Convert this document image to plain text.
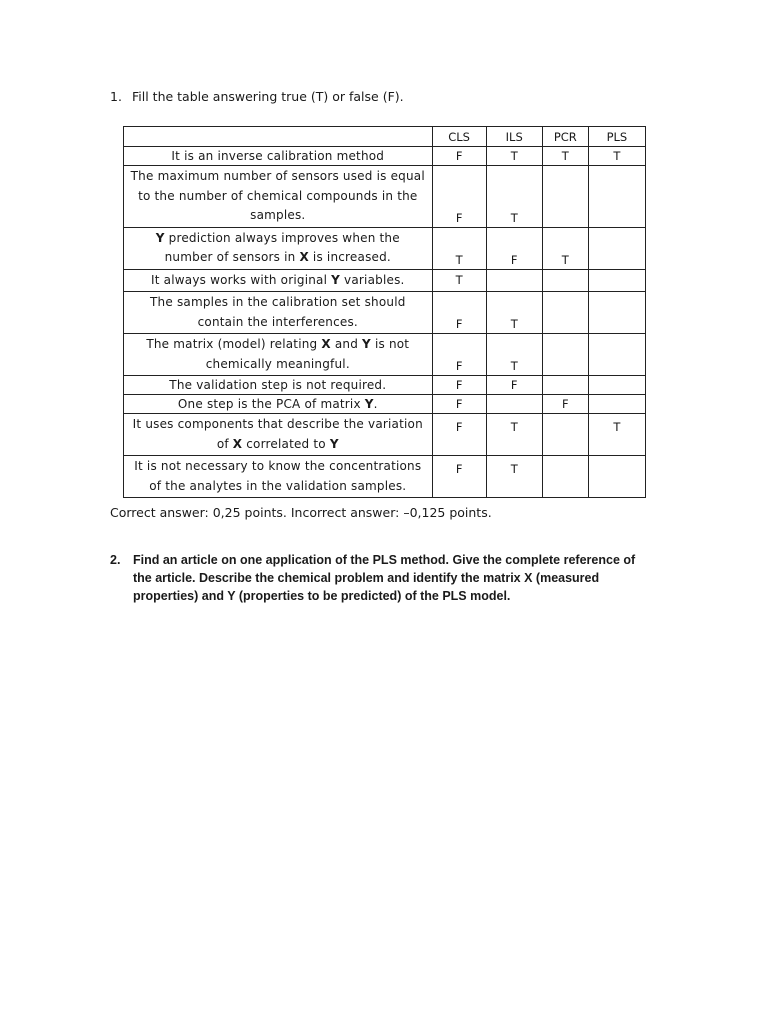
1. Fill the table answering true (T) or false (F).
	CLS	ILS	PCR	PLS
It is an inverse calibration method	F	T	T	T
The maximum number of sensors used is equal to the number of chemical compounds in the samples.	F	T		
Y prediction always improves when the number of sensors in X is increased.	T	F	T	
It always works with original Y variables.	T			
The samples in the calibration set should contain the interferences.	F	T		
The matrix (model) relating X and Y is not chemically meaningful.	F	T		
The validation step is not required.	F	F		
One step is the PCA of matrix Y.	F		F	
It uses components that describe the variation of X correlated to Y	F	T		T
It is not necessary to know the concentrations of the analytes in the validation samples.	F	T		
Correct answer: 0,25 points. Incorrect answer: –0,125 points.
2. Find an article on one application of the PLS method. Give the complete reference of the article. Describe the chemical problem and identify the matrix X (measured properties) and Y (properties to be predicted) of the PLS model.
